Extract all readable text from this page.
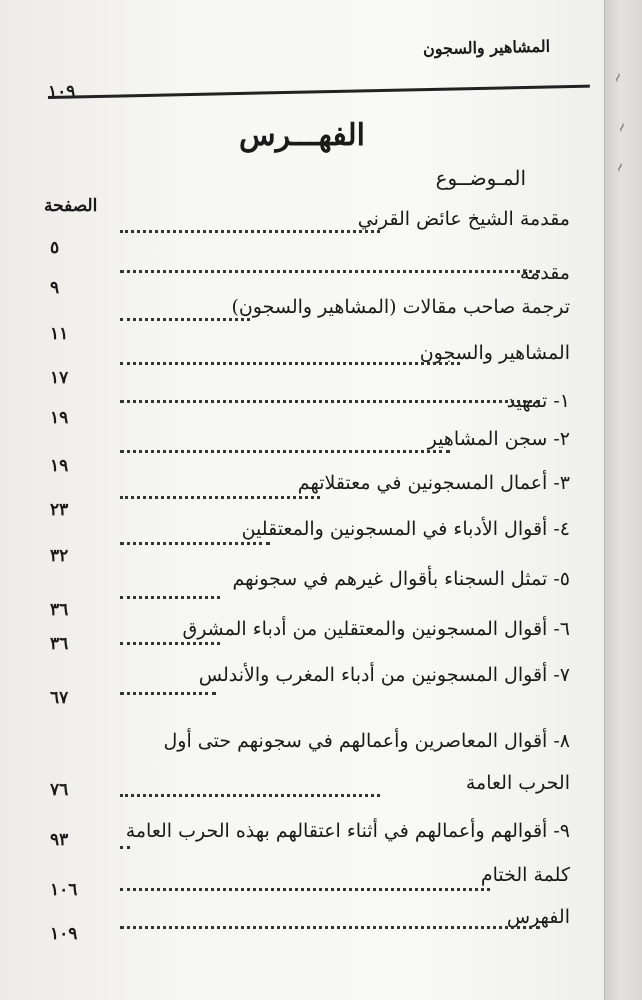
المشاهير والسجون
١٠٩
الفهـــرس
المـوضــوع
الصفحة
مقدمة الشيخ عائض القرني
٥
مقدمة
٩
ترجمة صاحب مقالات (المشاهير والسجون)
١١
المشاهير والسجون
١٧
١- تمهيد
١٩
٢- سجن المشاهير
١٩
٣- أعمال المسجونين في معتقلاتهم
٢٣
٤- أقوال الأدباء في المسجونين والمعتقلين
٣٢
٥- تمثل السجناء بأقوال غيرهم في سجونهم
٣٦
٦- أقوال المسجونين والمعتقلين من أدباء المشرق
٣٦
٧- أقوال المسجونين من أدباء المغرب والأندلس
٦٧
٨- أقوال المعاصرين وأعمالهم في سجونهم حتى أول الحرب العامة
٧٦
٩- أقوالهم وأعمالهم في أثناء اعتقالهم بهذه الحرب العامة
٩٣
كلمة الختام
١٠٦
الفهرس
١٠٩
~
~
~
